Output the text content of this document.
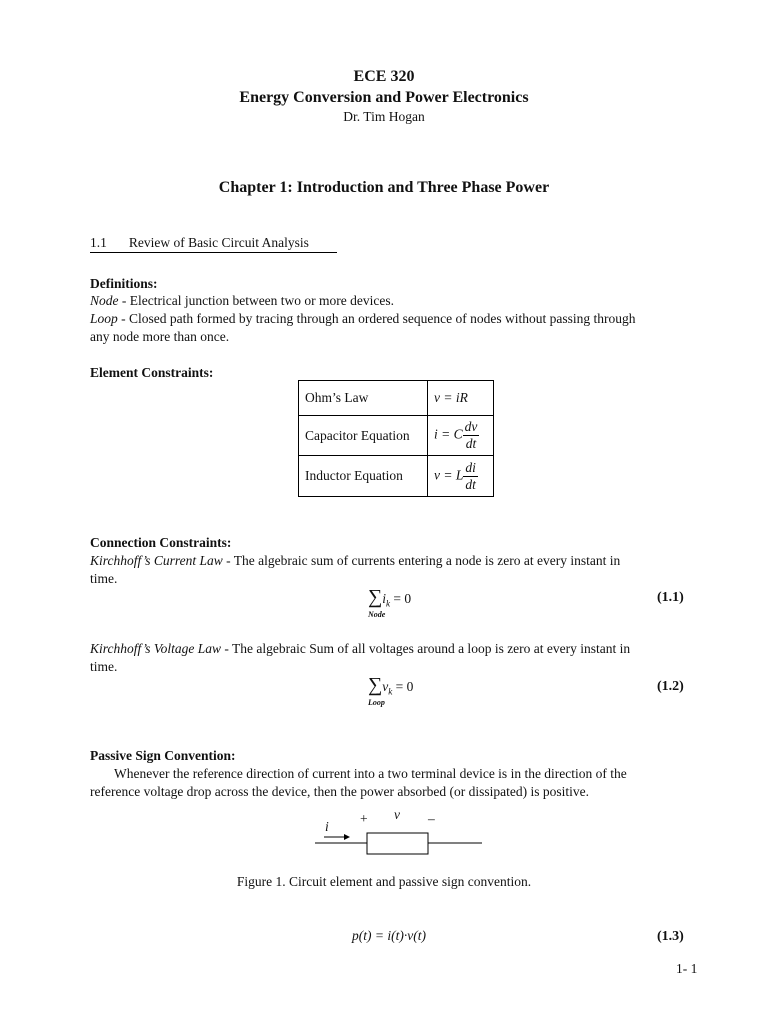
ECE 320
Energy Conversion and Power Electronics
Dr. Tim Hogan
Chapter 1: Introduction and Three Phase Power
1.1 Review of Basic Circuit Analysis
Definitions:
Node - Electrical junction between two or more devices.
Loop - Closed path formed by tracing through an ordered sequence of nodes without passing through
any node more than once.
Element Constraints:
Ohm’s Law	v = iR
Capacitor Equation	i = C $\frac{dv}{dt}$

Inductor Equation	v = L $\frac{di}{dt}$
Connection Constraints:
Kirchhoff’s Current Law - The algebraic sum of currents entering a node is zero at every instant in
time.
$\sum i_k = 0$
Node
(1.1)
Kirchhoff’s Voltage Law - The algebraic Sum of all voltages around a loop is zero at every instant in
time.
$\sum v_k = 0$
Loop
(1.2)
Passive Sign Convention:
Whenever the reference direction of current into a two terminal device is in the direction of the
reference voltage drop across the device, then the power absorbed (or dissipated) is positive.
i
+ v –
Figure 1. Circuit element and passive sign convention.
p(t) = i(t)·v(t)	(1.3)
1- 1
